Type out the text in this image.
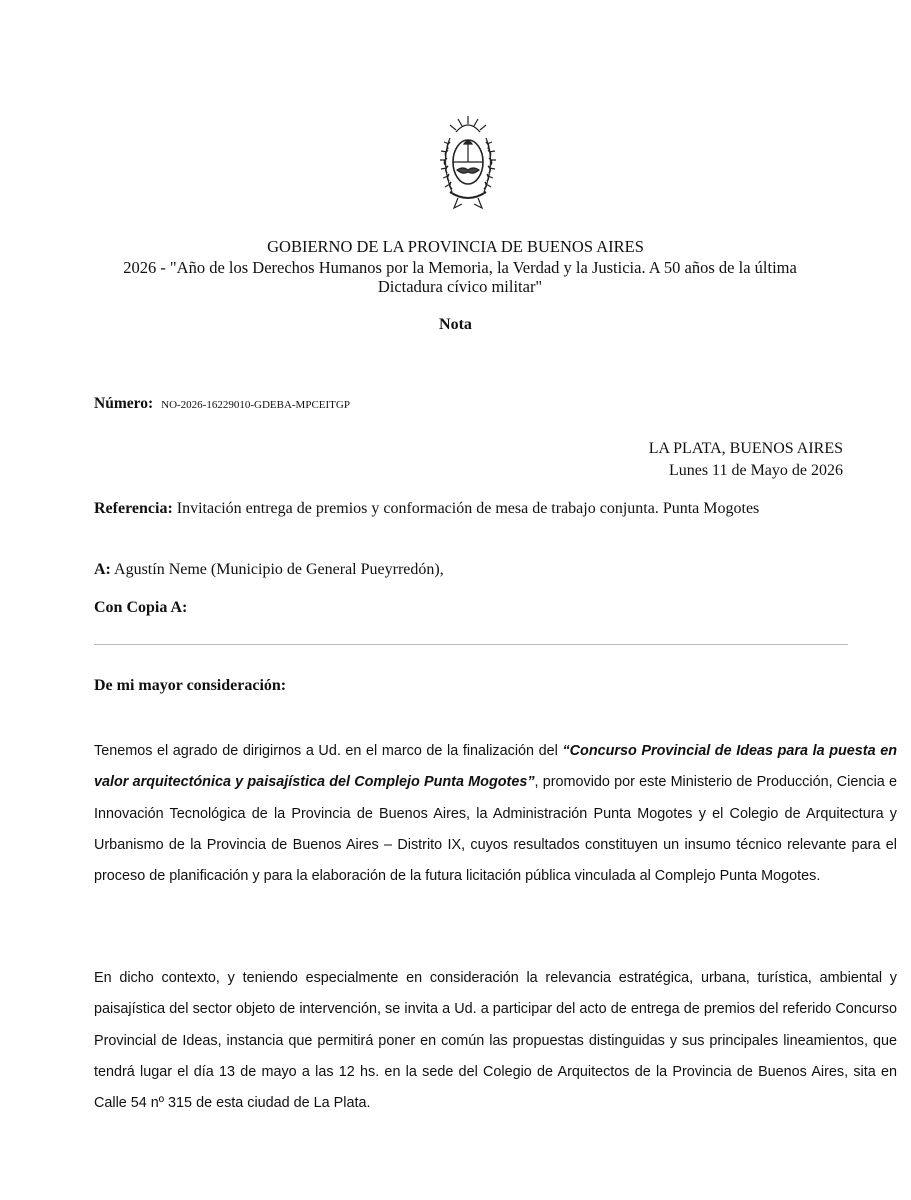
GOBIERNO DE LA PROVINCIA DE BUENOS AIRES
2026 - "Año de los Derechos Humanos por la Memoria, la Verdad y la Justicia. A 50 años de la última Dictadura cívico militar"
Nota
Número: NO-2026-16229010-GDEBA-MPCEITGP
LA PLATA, BUENOS AIRES
Lunes 11 de Mayo de 2026
Referencia: Invitación entrega de premios y conformación de mesa de trabajo conjunta. Punta Mogotes
A: Agustín Neme (Municipio de General Pueyrredón),
Con Copia A:
De mi mayor consideración:

Tenemos el agrado de dirigirnos a Ud. en el marco de la finalización del “Concurso Provincial de Ideas para la puesta en valor arquitectónica y paisajística del Complejo Punta Mogotes”, promovido por este Ministerio de Producción, Ciencia e Innovación Tecnológica de la Provincia de Buenos Aires, la Administración Punta Mogotes y el Colegio de Arquitectura y Urbanismo de la Provincia de Buenos Aires – Distrito IX, cuyos resultados constituyen un insumo técnico relevante para el proceso de planificación y para la elaboración de la futura licitación pública vinculada al Complejo Punta Mogotes.

En dicho contexto, y teniendo especialmente en consideración la relevancia estratégica, urbana, turística, ambiental y paisajística del sector objeto de intervención, se invita a Ud. a participar del acto de entrega de premios del referido Concurso Provincial de Ideas, instancia que permitirá poner en común las propuestas distinguidas y sus principales lineamientos, que tendrá lugar el día 13 de mayo a las 12 hs. en la sede del Colegio de Arquitectos de la Provincia de Buenos Aires, sita en Calle 54 nº 315 de esta ciudad de La Plata.
